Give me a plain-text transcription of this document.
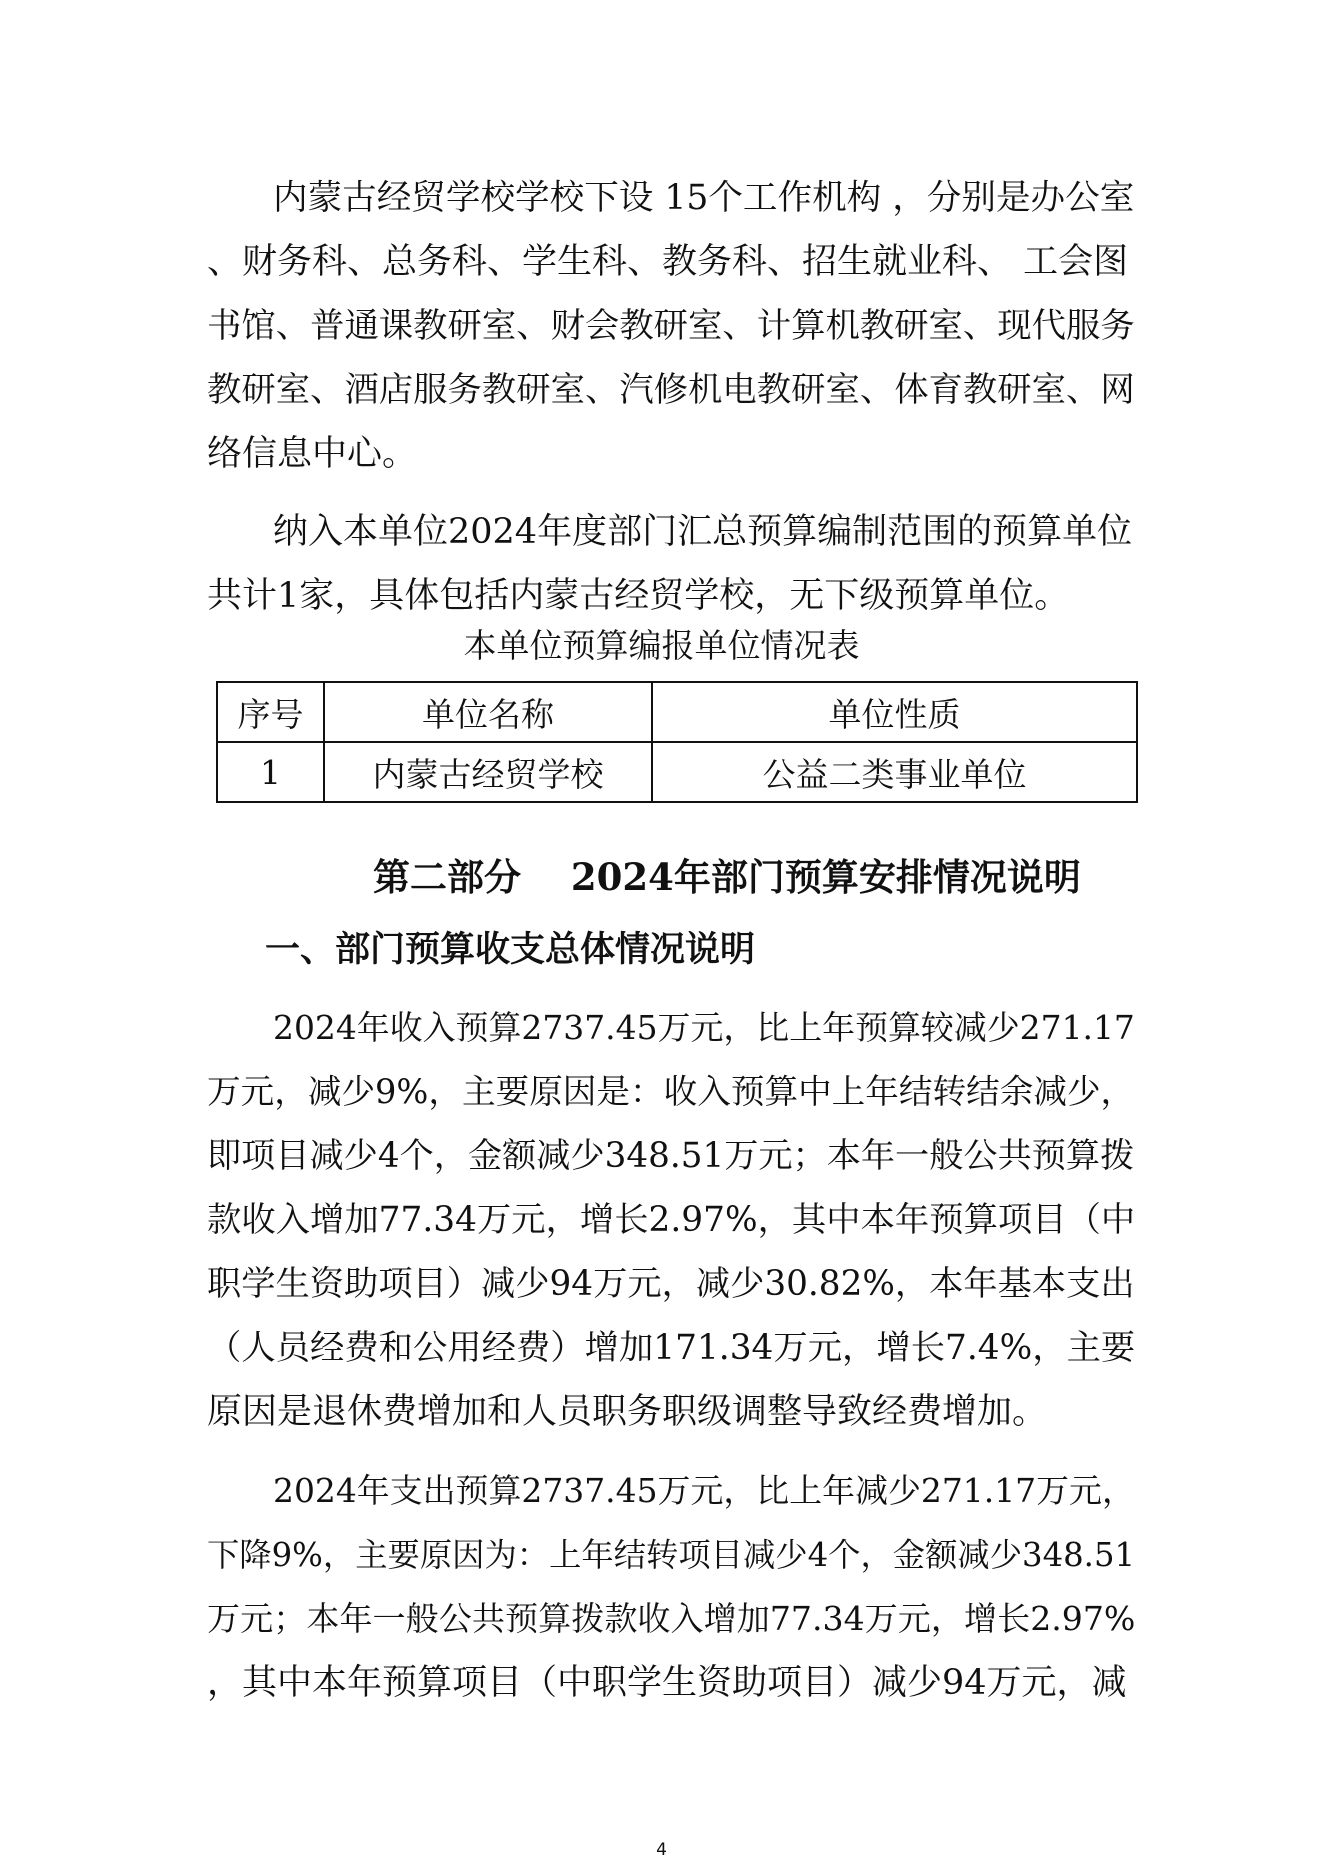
内蒙古经贸学校学校下设 15个工作机构 ，分别是办公室
、财务科、总务科、学生科、教务科、招生就业科、 工会图
书馆、普通课教研室、财会教研室、计算机教研室、现代服务
教研室、酒店服务教研室、汽修机电教研室、体育教研室、网
络信息中心。
纳入本单位2024年度部门汇总预算编制范围的预算单位
共计1家，具体包括内蒙古经贸学校，无下级预算单位。
本单位预算编报单位情况表
序号	单位名称	单位性质
1	内蒙古经贸学校	公益二类事业单位
第二部分　 2024年部门预算安排情况说明
一、部门预算收支总体情况说明
2024年收入预算2737.45万元，比上年预算较减少271.17
万元，减少9%，主要原因是：收入预算中上年结转结余减少，
即项目减少4个，金额减少348.51万元；本年一般公共预算拨
款收入增加77.34万元，增长2.97%，其中本年预算项目（中
职学生资助项目）减少94万元，减少30.82%，本年基本支出
（人员经费和公用经费）增加171.34万元，增长7.4%，主要
原因是退休费增加和人员职务职级调整导致经费增加。
2024年支出预算2737.45万元，比上年减少271.17万元，
下降9%，主要原因为：上年结转项目减少4个，金额减少348.51
万元；本年一般公共预算拨款收入增加77.34万元，增长2.97%
，其中本年预算项目（中职学生资助项目）减少94万元，减
4
